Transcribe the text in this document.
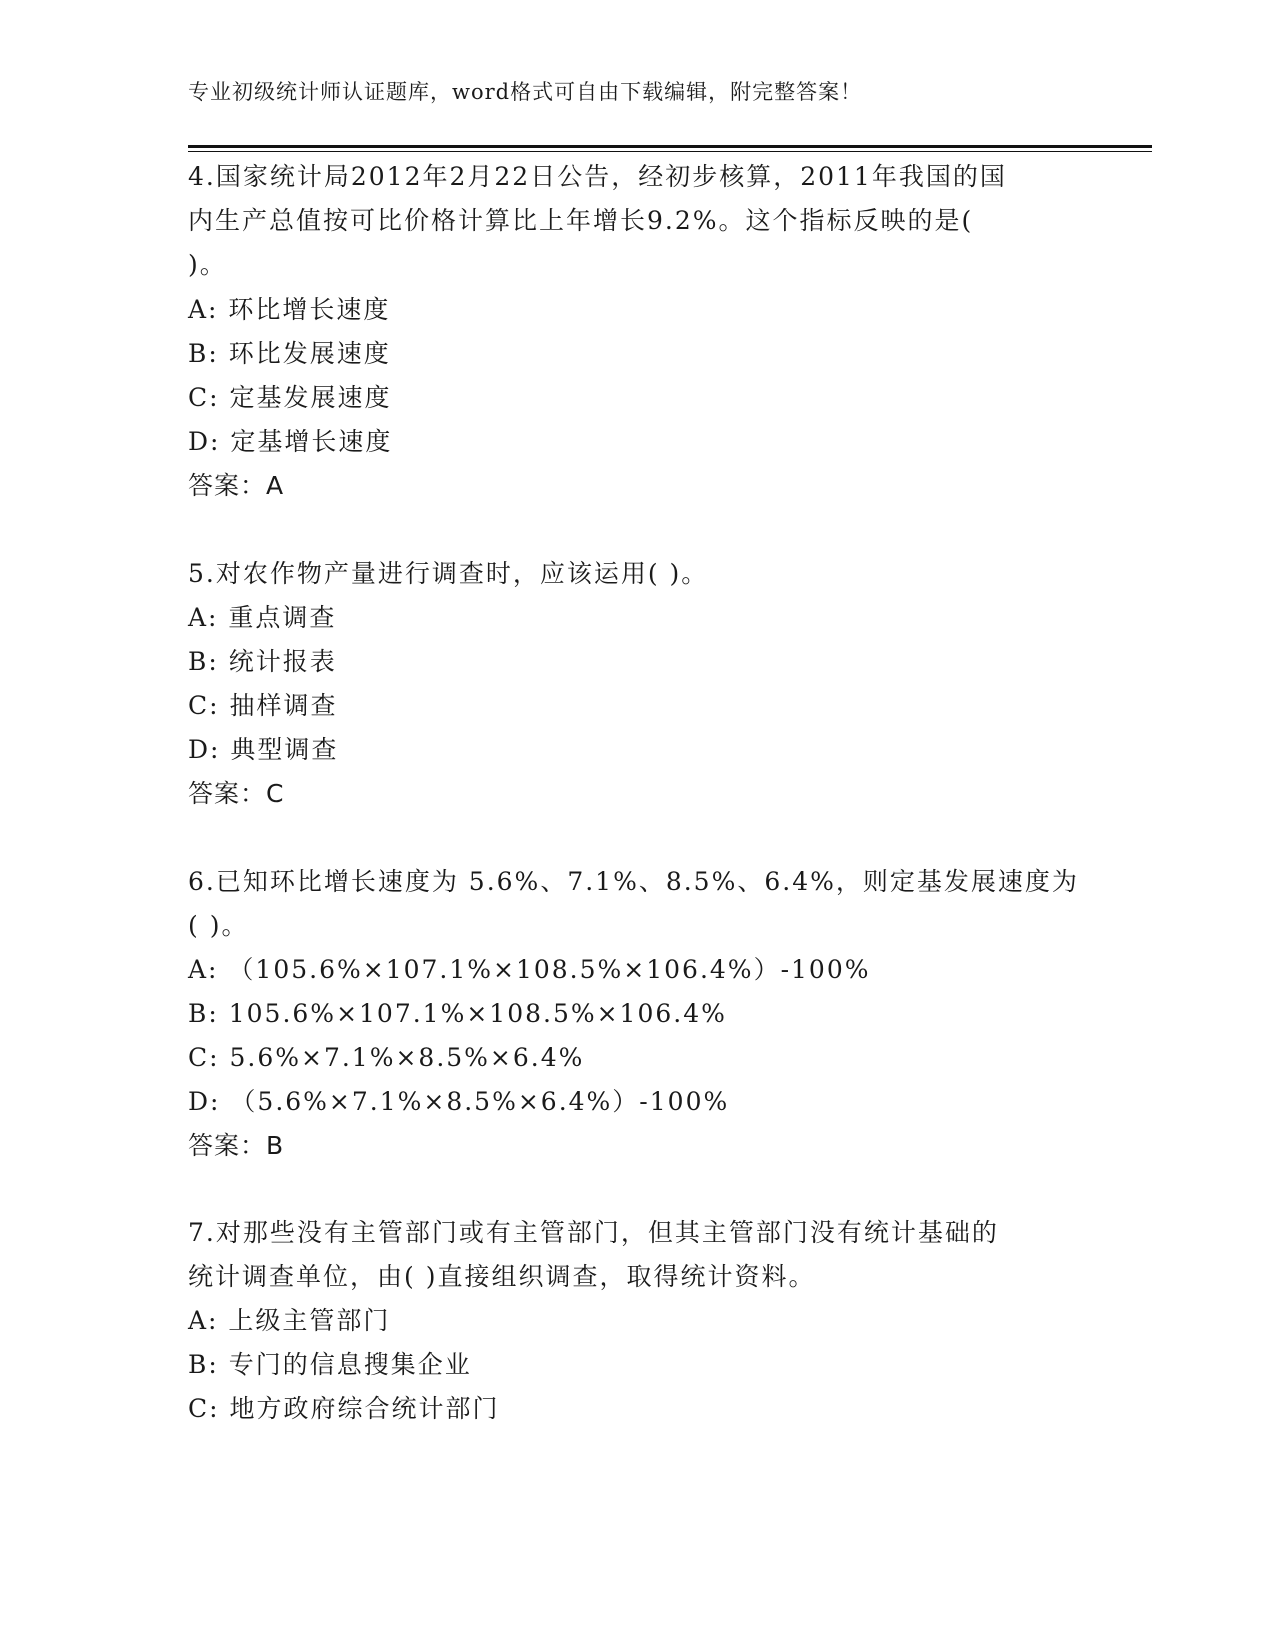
专业初级统计师认证题库，word格式可自由下载编辑，附完整答案！
4.国家统计局2012年2月22日公告，经初步核算，2011年我国的国
内生产总值按可比价格计算比上年增长9.2%。这个指标反映的是(
)。
A: 环比增长速度
B: 环比发展速度
C: 定基发展速度
D: 定基增长速度
答案：A
5.对农作物产量进行调查时，应该运用( )。
A: 重点调查
B: 统计报表
C: 抽样调查
D: 典型调查
答案：C
6.已知环比增长速度为 5.6%、7.1%、8.5%、6.4%，则定基发展速度为
( )。
A: （105.6%×107.1%×108.5%×106.4%）-100%
B: 105.6%×107.1%×108.5%×106.4%
C: 5.6%×7.1%×8.5%×6.4%
D: （5.6%×7.1%×8.5%×6.4%）-100%
答案：B
7.对那些没有主管部门或有主管部门，但其主管部门没有统计基础的
统计调查单位，由( )直接组织调查，取得统计资料。
A: 上级主管部门
B: 专门的信息搜集企业
C: 地方政府综合统计部门
